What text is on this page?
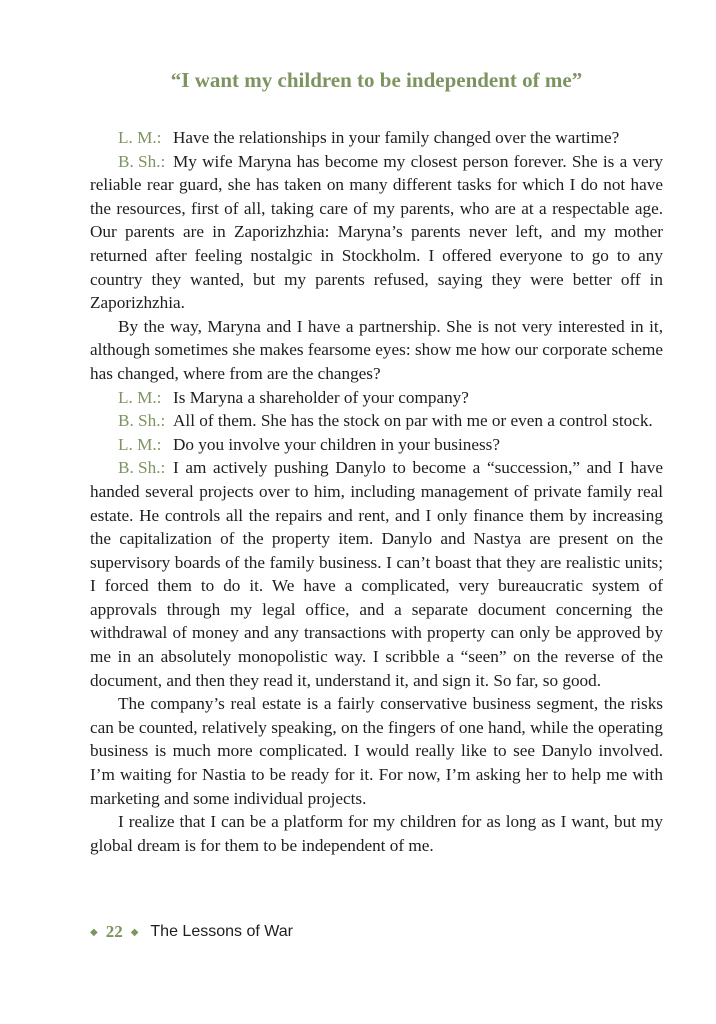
“I want my children to be independent of me”

L. M.: Have the relationships in your family changed over the wartime?

B. Sh.: My wife Maryna has become my closest person forever. She is a very reliable rear guard, she has taken on many different tasks for which I do not have the resources, first of all, taking care of my parents, who are at a respectable age. Our parents are in Zaporizhzhia: Maryna’s parents never left, and my mother returned after feeling nostalgic in Stockholm. I offered everyone to go to any country they wanted, but my parents refused, saying they were better off in Zaporizhzhia.

By the way, Maryna and I have a partnership. She is not very interested in it, although sometimes she makes fearsome eyes: show me how our corporate scheme has changed, where from are the changes?

L. M.: Is Maryna a shareholder of your company?

B. Sh.: All of them. She has the stock on par with me or even a control stock.

L. M.: Do you involve your children in your business?

B. Sh.: I am actively pushing Danylo to become a “succession,” and I have handed several projects over to him, including management of private family real estate. He controls all the repairs and rent, and I only finance them by increasing the capitalization of the property item. Danylo and Nastya are present on the supervisory boards of the family business. I can’t boast that they are realistic units; I forced them to do it. We have a complicated, very bureaucratic system of approvals through my legal office, and a separate document concerning the withdrawal of money and any transactions with property can only be approved by me in an absolutely monopolistic way. I scribble a “seen” on the reverse of the document, and then they read it, understand it, and sign it. So far, so good.

The company’s real estate is a fairly conservative business segment, the risks can be counted, relatively speaking, on the fingers of one hand, while the operating business is much more complicated. I would really like to see Danylo involved. I’m waiting for Nastia to be ready for it. For now, I’m asking her to help me with marketing and some individual projects.

I realize that I can be a platform for my children for as long as I want, but my global dream is for them to be independent of me.

◆ 22 ◆ The Lessons of War
